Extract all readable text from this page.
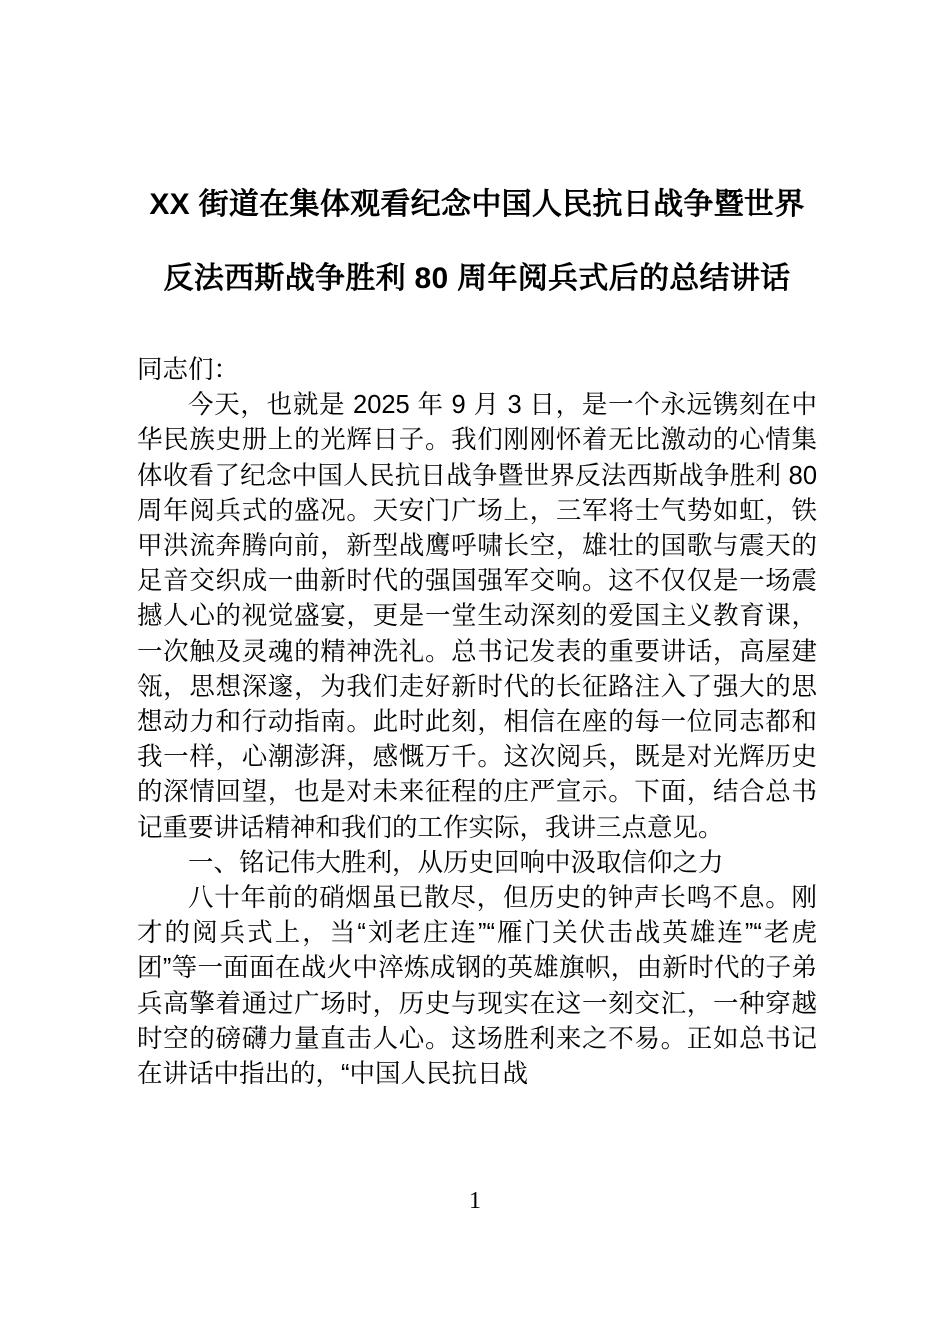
XX 街道在集体观看纪念中国人民抗日战争暨世界反法西斯战争胜利 80 周年阅兵式后的总结讲话

同志们：

今天，也就是 2025 年 9 月 3 日，是一个永远镌刻在中华民族史册上的光辉日子。我们刚刚怀着无比激动的心情集体收看了纪念中国人民抗日战争暨世界反法西斯战争胜利 80 周年阅兵式的盛况。天安门广场上，三军将士气势如虹，铁甲洪流奔腾向前，新型战鹰呼啸长空，雄壮的国歌与震天的足音交织成一曲新时代的强国强军交响。这不仅仅是一场震撼人心的视觉盛宴，更是一堂生动深刻的爱国主义教育课，一次触及灵魂的精神洗礼。总书记发表的重要讲话，高屋建瓴，思想深邃，为我们走好新时代的长征路注入了强大的思想动力和行动指南。此时此刻，相信在座的每一位同志都和我一样，心潮澎湃，感慨万千。这次阅兵，既是对光辉历史的深情回望，也是对未来征程的庄严宣示。下面，结合总书记重要讲话精神和我们的工作实际，我讲三点意见。

一、铭记伟大胜利，从历史回响中汲取信仰之力

八十年前的硝烟虽已散尽，但历史的钟声长鸣不息。刚才的阅兵式上，当“刘老庄连”“雁门关伏击战英雄连”“老虎团”等一面面在战火中淬炼成钢的英雄旗帜，由新时代的子弟兵高擎着通过广场时，历史与现实在这一刻交汇，一种穿越时空的磅礴力量直击人心。这场胜利来之不易。正如总书记在讲话中指出的，“中国人民抗日战

1
